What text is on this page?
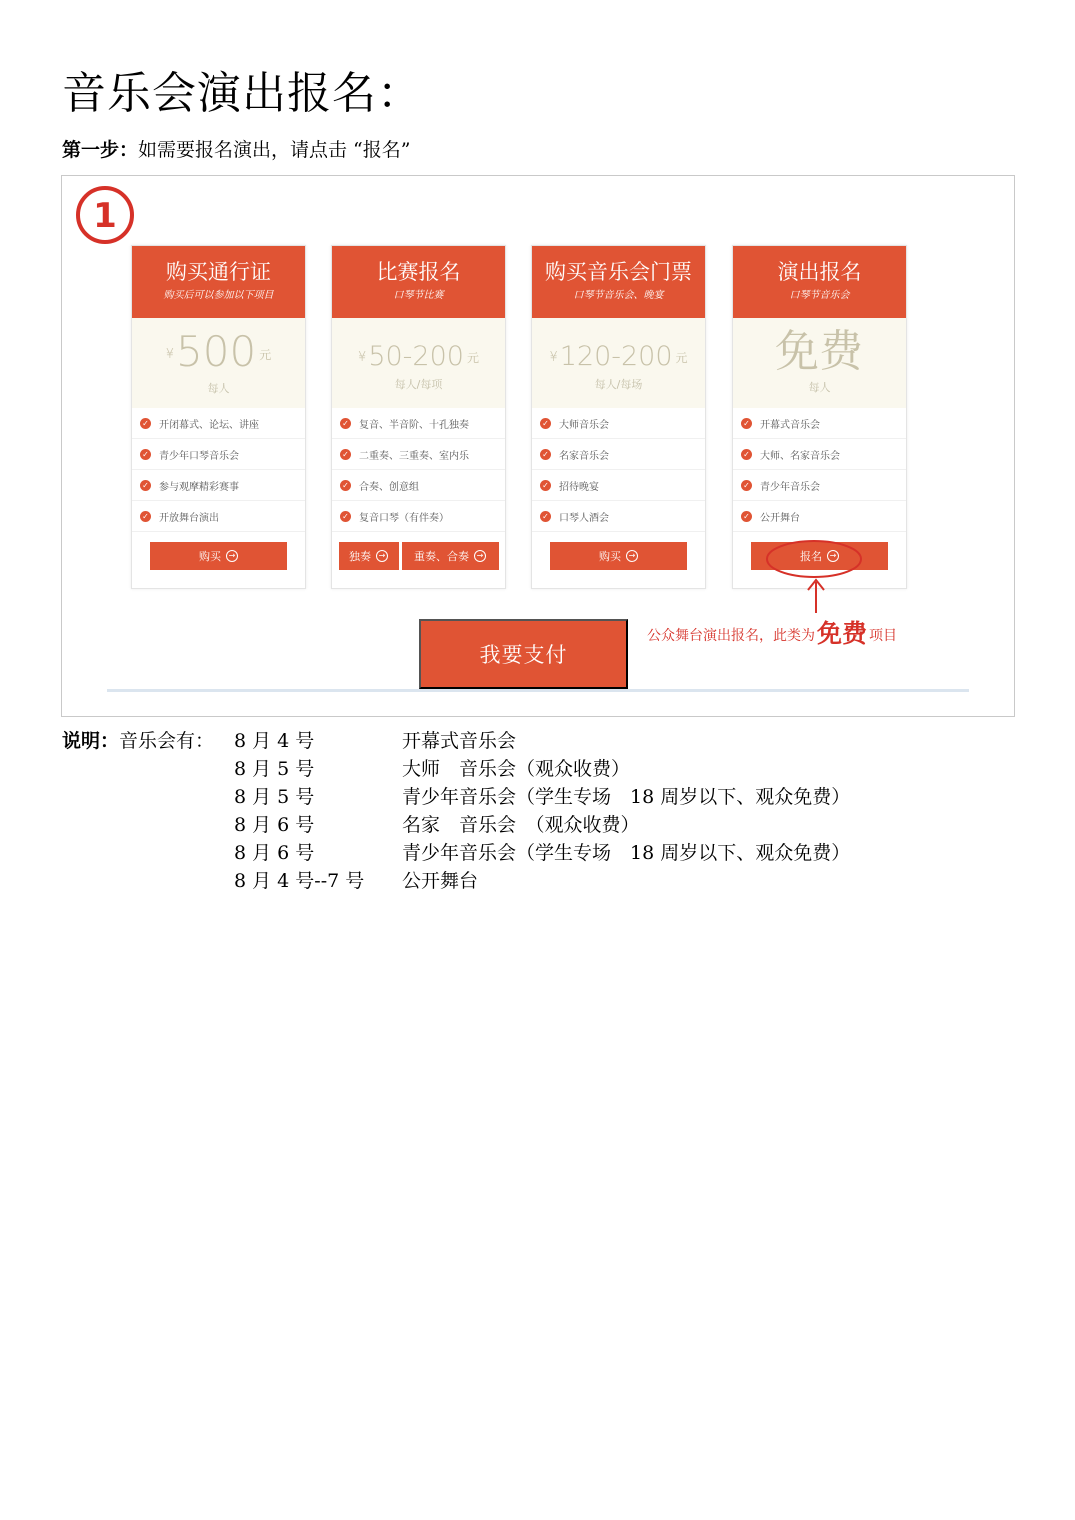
音乐会演出报名：
第一步：如需要报名演出，请点击 “报名”
1
购买通行证
购买后可以参加以下项目
¥500 元
每人
✓ 开闭幕式、论坛、讲座
✓ 青少年口琴音乐会
✓ 参与观摩精彩赛事
✓ 开放舞台演出
购买 →
比赛报名
口琴节比赛
¥50-200 元
每人/每项
✓ 复音、半音阶、十孔独奏
✓ 二重奏、三重奏、室内乐
✓ 合奏、创意组
✓ 复音口琴（有伴奏）
独奏 →	重奏、合奏 →
购买音乐会门票
口琴节音乐会、晚宴
¥120-200 元
每人/每场
✓ 大师音乐会
✓ 名家音乐会
✓ 招待晚宴
✓ 口琴人酒会
购买 →
演出报名
口琴节音乐会
免费
每人
✓ 开幕式音乐会
✓ 大师、名家音乐会
✓ 青少年音乐会
✓ 公开舞台
报名 →
我要支付
公众舞台演出报名，此类为免费 项目
说明：音乐会有： 8 月 4 号	开幕式音乐会
8 月 5 号	大师　音乐会（观众收费）
8 月 5 号	青少年音乐会（学生专场　18 周岁以下、观众免费）
8 月 6 号	名家　音乐会　（观众收费）
8 月 6 号	青少年音乐会（学生专场　18 周岁以下、观众免费）
8 月 4 号--7 号 公开舞台
